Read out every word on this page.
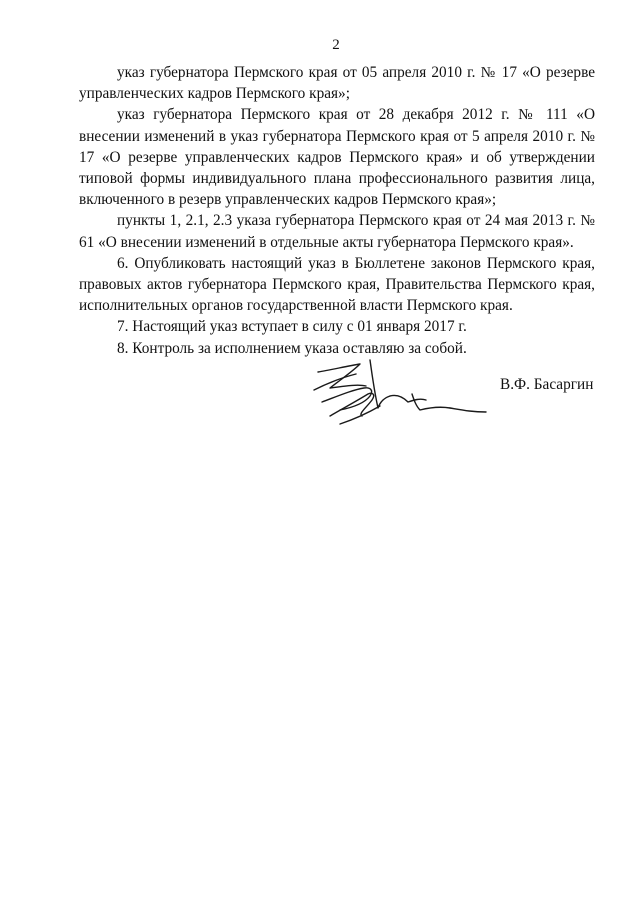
2

указ губернатора Пермского края от 05 апреля 2010 г. № 17 «О резерве управленческих кадров Пермского края»;

указ губернатора Пермского края от 28 декабря 2012 г. № 111 «О внесении изменений в указ губернатора Пермского края от 5 апреля 2010 г. № 17 «О резерве управленческих кадров Пермского края» и об утверждении типовой формы индивидуального плана профессионального развития лица, включенного в резерв управленческих кадров Пермского края»;

пункты 1, 2.1, 2.3 указа губернатора Пермского края от 24 мая 2013 г. № 61 «О внесении изменений в отдельные акты губернатора Пермского края».

6. Опубликовать настоящий указ в Бюллетене законов Пермского края, правовых актов губернатора Пермского края, Правительства Пермского края, исполнительных органов государственной власти Пермского края.

7. Настоящий указ вступает в силу с 01 января 2017 г.

8. Контроль за исполнением указа оставляю за собой.

В.Ф. Басаргин
